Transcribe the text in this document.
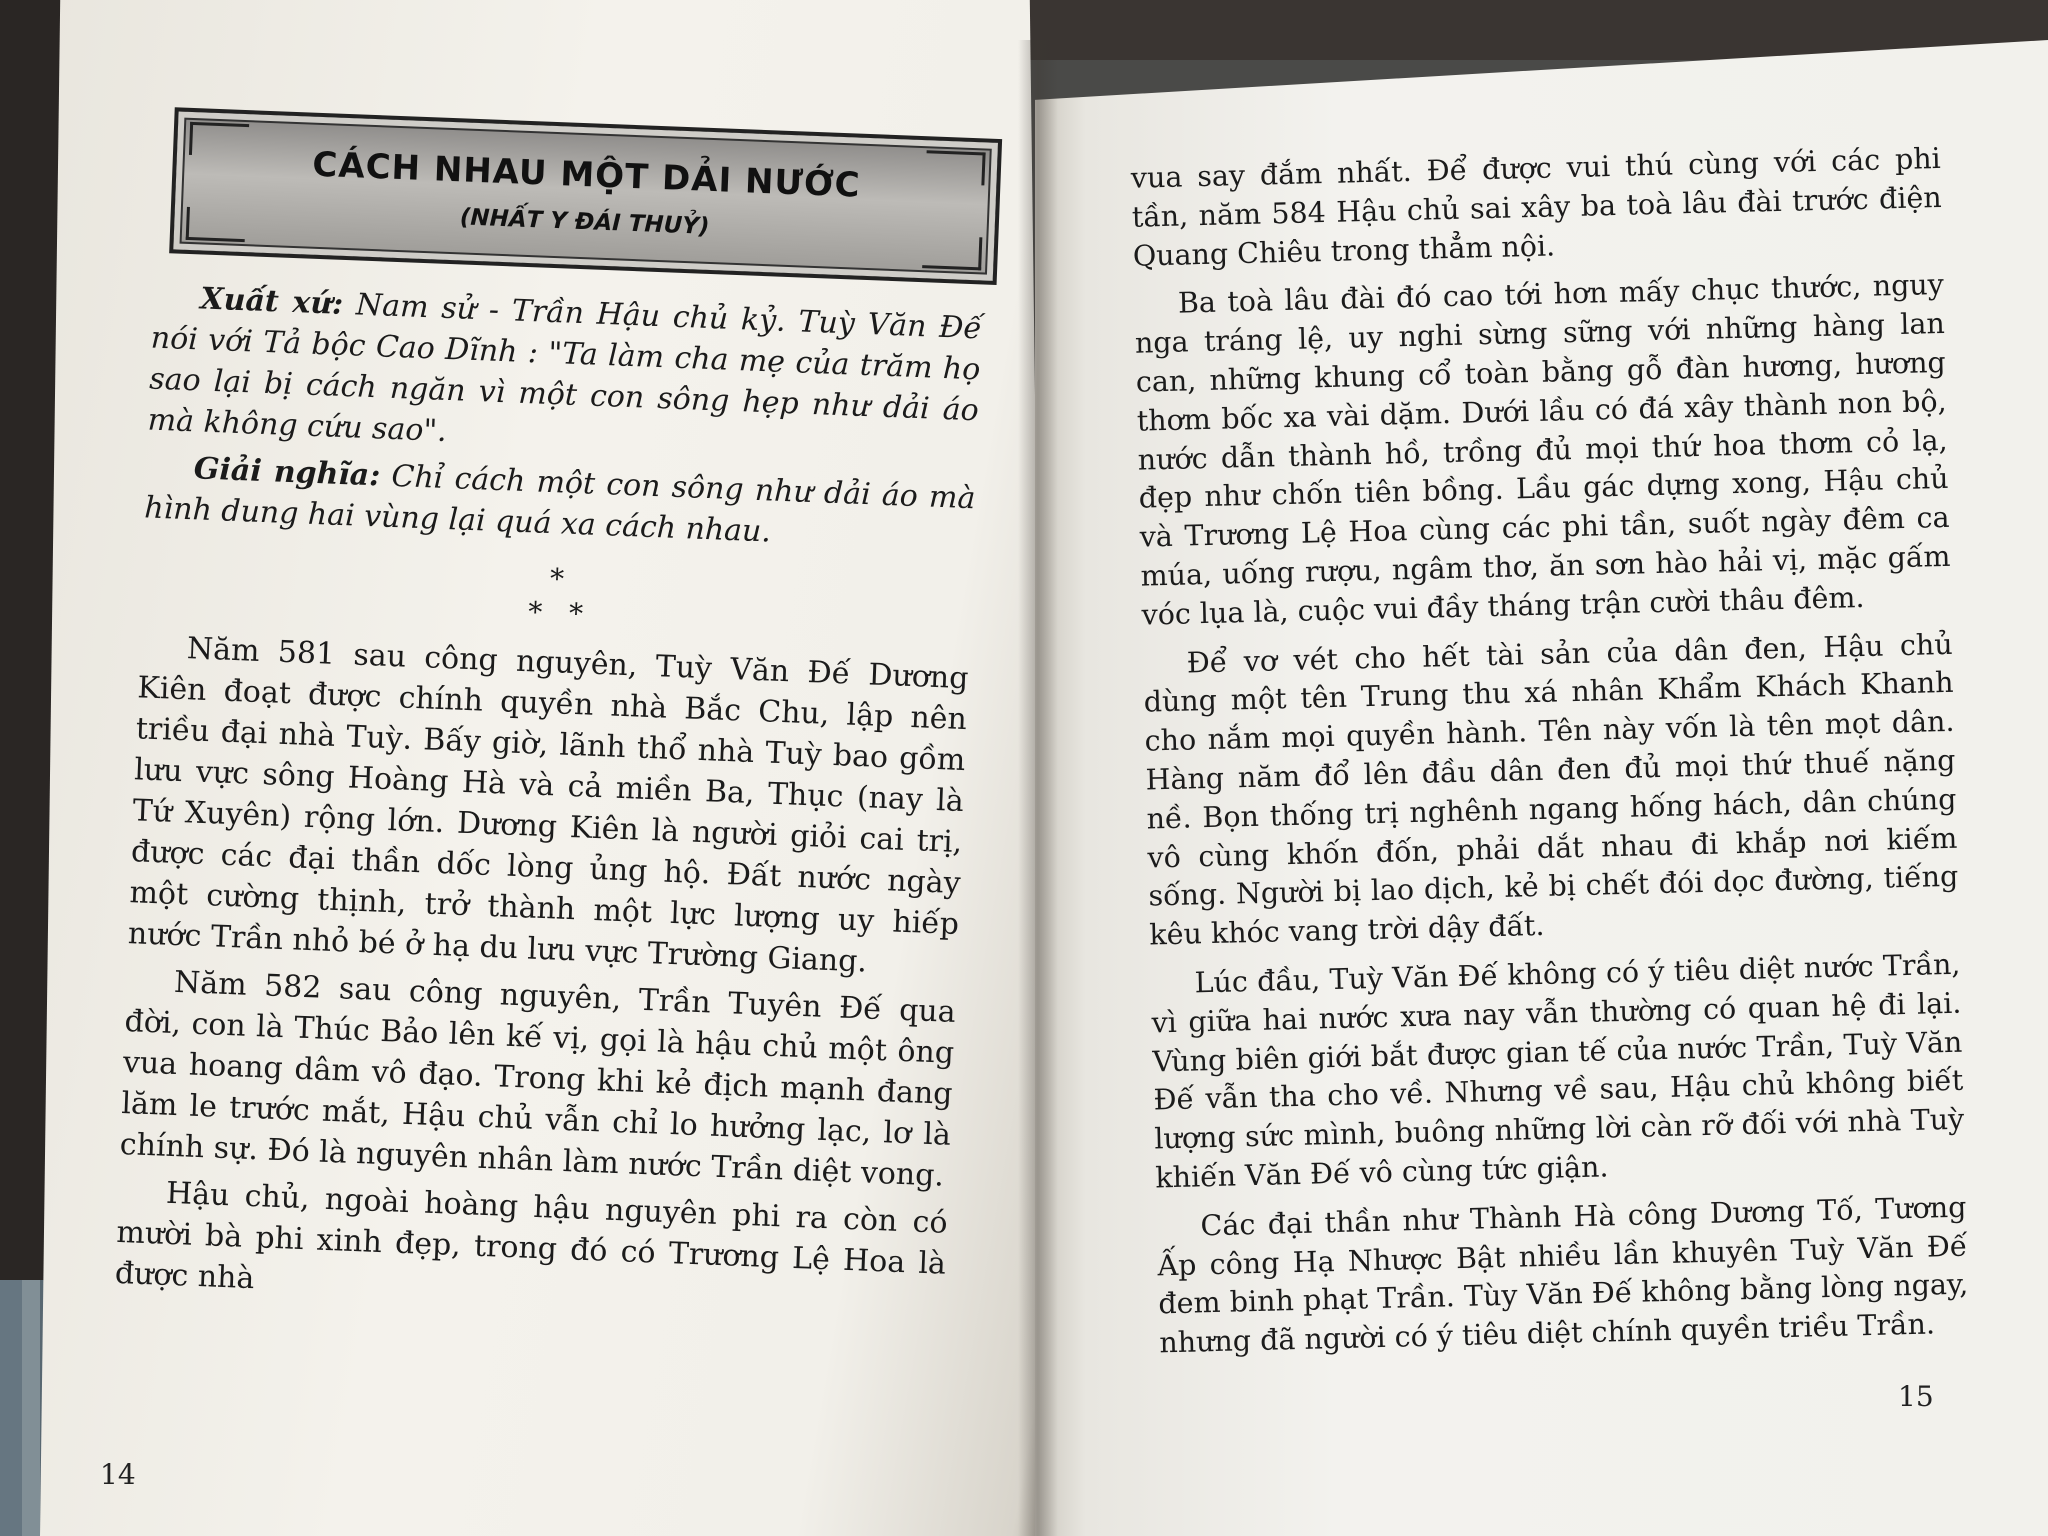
CÁCH NHAU MỘT DẢI NƯỚC
(NHẤT Y ĐÁI THUỶ)

Xuất xứ: Nam sử - Trần Hậu chủ kỷ. Tuỳ Văn Đế nói với Tả bộc Cao Dĩnh : "Ta làm cha mẹ của trăm họ sao lại bị cách ngăn vì một con sông hẹp như dải áo mà không cứu sao".

Giải nghĩa: Chỉ cách một con sông như dải áo mà hình dung hai vùng lại quá xa cách nhau.

*
*   *

Năm 581 sau công nguyên, Tuỳ Văn Đế Dương Kiên đoạt được chính quyền nhà Bắc Chu, lập nên triều đại nhà Tuỳ. Bấy giờ, lãnh thổ nhà Tuỳ bao gồm lưu vực sông Hoàng Hà và cả miền Ba, Thục (nay là Tứ Xuyên) rộng lớn. Dương Kiên là người giỏi cai trị, được các đại thần dốc lòng ủng hộ. Đất nước ngày một cường thịnh, trở thành một lực lượng uy hiếp nước Trần nhỏ bé ở hạ du lưu vực Trường Giang.

Năm 582 sau công nguyên, Trần Tuyên Đế qua đời, con là Thúc Bảo lên kế vị, gọi là hậu chủ một ông vua hoang dâm vô đạo. Trong khi kẻ địch mạnh đang lăm le trước mắt, Hậu chủ vẫn chỉ lo hưởng lạc, lơ là chính sự. Đó là nguyên nhân làm nước Trần diệt vong.

Hậu chủ, ngoài hoàng hậu nguyên phi ra còn có mười bà phi xinh đẹp, trong đó có Trương Lệ Hoa là được nhà

14

vua say đắm nhất. Để được vui thú cùng với các phi tần, năm 584 Hậu chủ sai xây ba toà lâu đài trước điện Quang Chiêu trong thẳm nội.

Ba toà lâu đài đó cao tới hơn mấy chục thước, nguy nga tráng lệ, uy nghi sừng sững với những hàng lan can, những khung cổ toàn bằng gỗ đàn hương, hương thơm bốc xa vài dặm. Dưới lầu có đá xây thành non bộ, nước dẫn thành hồ, trồng đủ mọi thứ hoa thơm cỏ lạ, đẹp như chốn tiên bồng. Lầu gác dựng xong, Hậu chủ và Trương Lệ Hoa cùng các phi tần, suốt ngày đêm ca múa, uống rượu, ngâm thơ, ăn sơn hào hải vị, mặc gấm vóc lụa là, cuộc vui đầy tháng trận cười thâu đêm.

Để vơ vét cho hết tài sản của dân đen, Hậu chủ dùng một tên Trung thu xá nhân Khẩm Khách Khanh cho nắm mọi quyền hành. Tên này vốn là tên mọt dân. Hàng năm đổ lên đầu dân đen đủ mọi thứ thuế nặng nề. Bọn thống trị nghênh ngang hống hách, dân chúng vô cùng khốn đốn, phải dắt nhau đi khắp nơi kiếm sống. Người bị lao dịch, kẻ bị chết đói dọc đường, tiếng kêu khóc vang trời dậy đất.

Lúc đầu, Tuỳ Văn Đế không có ý tiêu diệt nước Trần, vì giữa hai nước xưa nay vẫn thường có quan hệ đi lại. Vùng biên giới bắt được gian tế của nước Trần, Tuỳ Văn Đế vẫn tha cho về. Nhưng về sau, Hậu chủ không biết lượng sức mình, buông những lời càn rỡ đối với nhà Tuỳ khiến Văn Đế vô cùng tức giận.

Các đại thần như Thành Hà công Dương Tố, Tương Ấp công Hạ Nhược Bật nhiều lần khuyên Tuỳ Văn Đế đem binh phạt Trần. Tùy Văn Đế không bằng lòng ngay, nhưng đã người có ý tiêu diệt chính quyền triều Trần.

15
